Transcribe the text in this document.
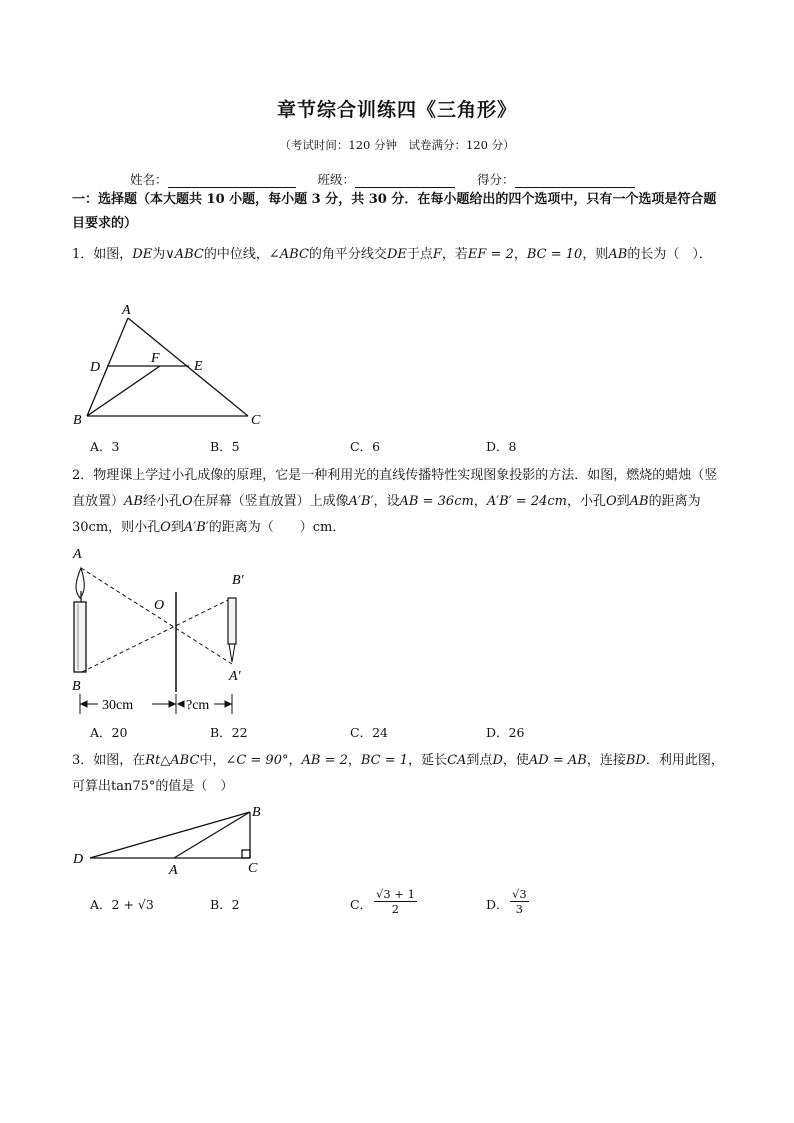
章节综合训练四《三角形》
（考试时间：120 分钟　试卷满分：120 分）
姓名：	班级：	得分：
一：选择题（本大题共 10 小题，每小题 3 分，共 30 分．在每小题给出的四个选项中，只有一个选项是符合题目要求的）
1．如图，DE为∨ABC的中位线，∠ABC的角平分线交DE于点F，若EF = 2，BC = 10，则AB的长为（　）．
A
D
F
E
B	C
A．3	B．5	C．6	D．8
2．物理课上学过小孔成像的原理，它是一种利用光的直线传播特性实现图象投影的方法．如图，燃烧的蜡烛（竖直放置）AB经小孔O在屏幕（竖直放置）上成像A′B′，设AB = 36cm，A′B′ = 24cm，小孔O到AB的距离为30cm，则小孔O到A′B′的距离为（　　）cm．
30cm	?cm
A
B
O
B′
A′
A．20	B．22	C．24	D．26
3．如图，在Rt△ABC中，∠C = 90°，AB = 2，BC = 1，延长CA到点D，使AD = AB，连接BD．利用此图，可算出tan75°的值是（　）
B
D
A	C
A．2 + √3	B．2	C． $\frac{√3 + 1}{2}$	D． $\frac{√3}{3}$
